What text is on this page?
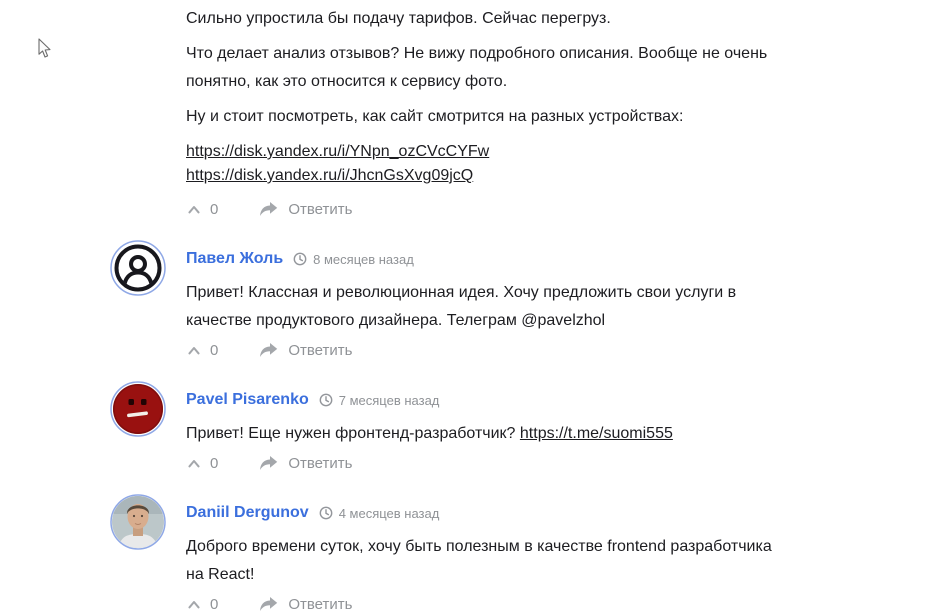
Сильно упростила бы подачу тарифов. Сейчас перегруз.

Что делает анализ отзывов? Не вижу подробного описания. Вообще не очень понятно, как это относится к сервису фото.

Ну и стоит посмотреть, как сайт смотрится на разных устройствах:

https://disk.yandex.ru/i/YNpn_ozCVcCYFw
https://disk.yandex.ru/i/JhcnGsXvg09jcQ
0	Ответить
Павел Жоль 8 месяцев назад

Привет! Классная и революционная идея. Хочу предложить свои услуги в качестве продуктового дизайнера. Телеграм @pavelzhol

0	Ответить
Pavel Pisarenko 7 месяцев назад

Привет! Еще нужен фронтенд-разработчик? https://t.me/suomi555

0	Ответить
Daniil Dergunov 4 месяцев назад

Доброго времени суток, хочу быть полезным в качестве frontend разработчика на React!

0	Ответить
